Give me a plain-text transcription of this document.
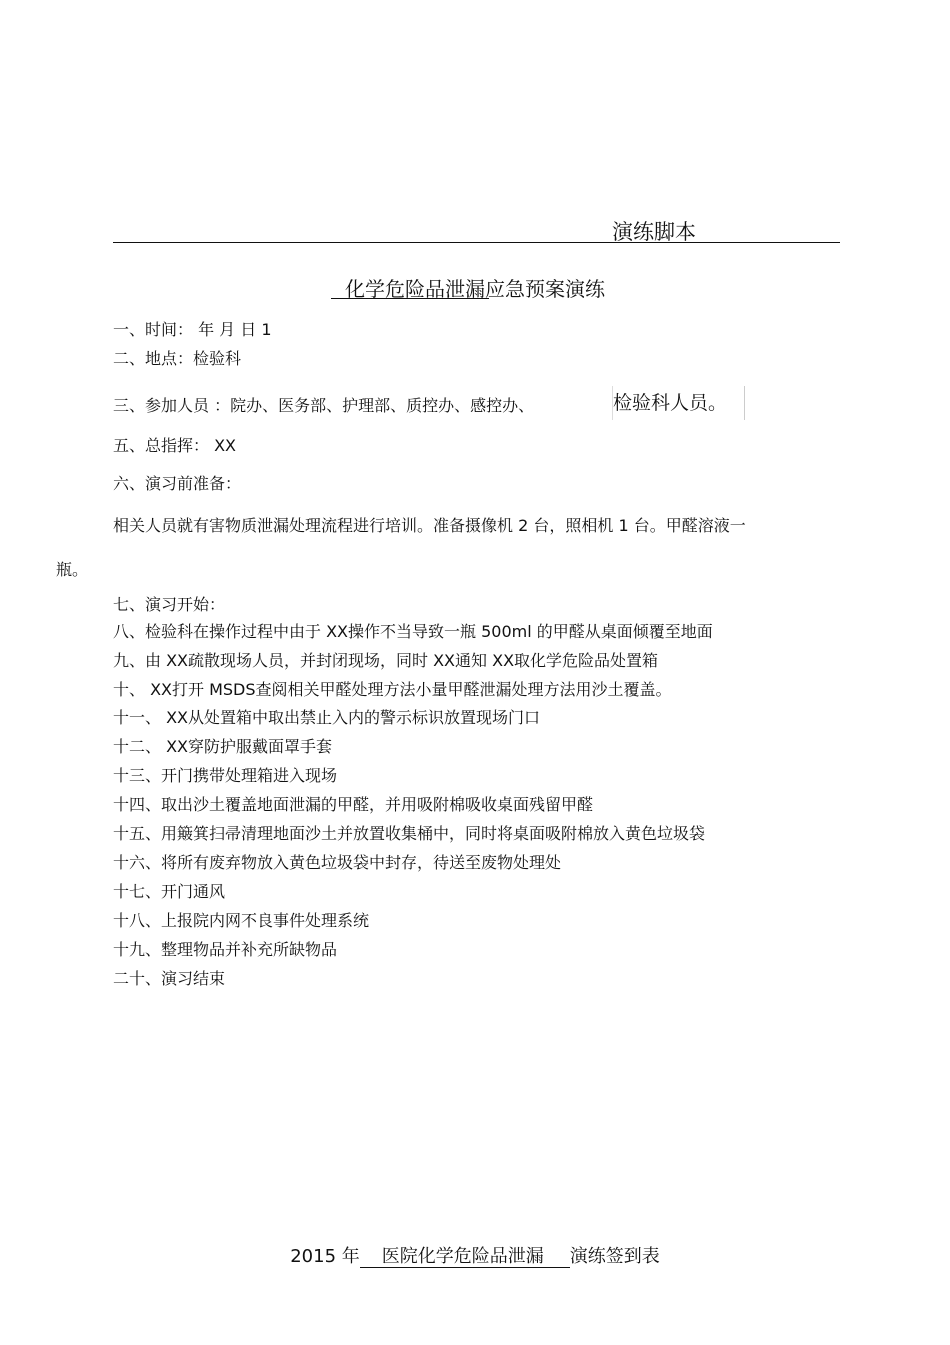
演练脚本
化学危险品泄漏应急预案演练
一、时间： 年 月 日 1
二、地点：检验科
三、参加人员 ：院办、医务部、护理部、质控办、感控办、	检验科人员。
五、总指挥： XX
六、演习前准备：
相关人员就有害物质泄漏处理流程进行培训。准备摄像机 2 台，照相机 1 台。甲醛溶液一
瓶。
七、演习开始：
八、检验科在操作过程中由于 XX操作不当导致一瓶 500ml 的甲醛从桌面倾覆至地面
九、由 XX疏散现场人员，并封闭现场，同时 XX通知 XX取化学危险品处置箱
十、 XX打开 MSDS查阅相关甲醛处理方法小量甲醛泄漏处理方法用沙土覆盖。
十一、 XX从处置箱中取出禁止入内的警示标识放置现场门口
十二、 XX穿防护服戴面罩手套
十三、开门携带处理箱进入现场
十四、取出沙土覆盖地面泄漏的甲醛，并用吸附棉吸收桌面残留甲醛
十五、用簸箕扫帚清理地面沙土并放置收集桶中，同时将桌面吸附棉放入黄色垃圾袋
十六、将所有废弃物放入黄色垃圾袋中封存，待送至废物处理处
十七、开门通风
十八、上报院内网不良事件处理系统
十九、整理物品并补充所缺物品
二十、演习结束
2015 年 医院化学危险品泄漏 演练签到表
